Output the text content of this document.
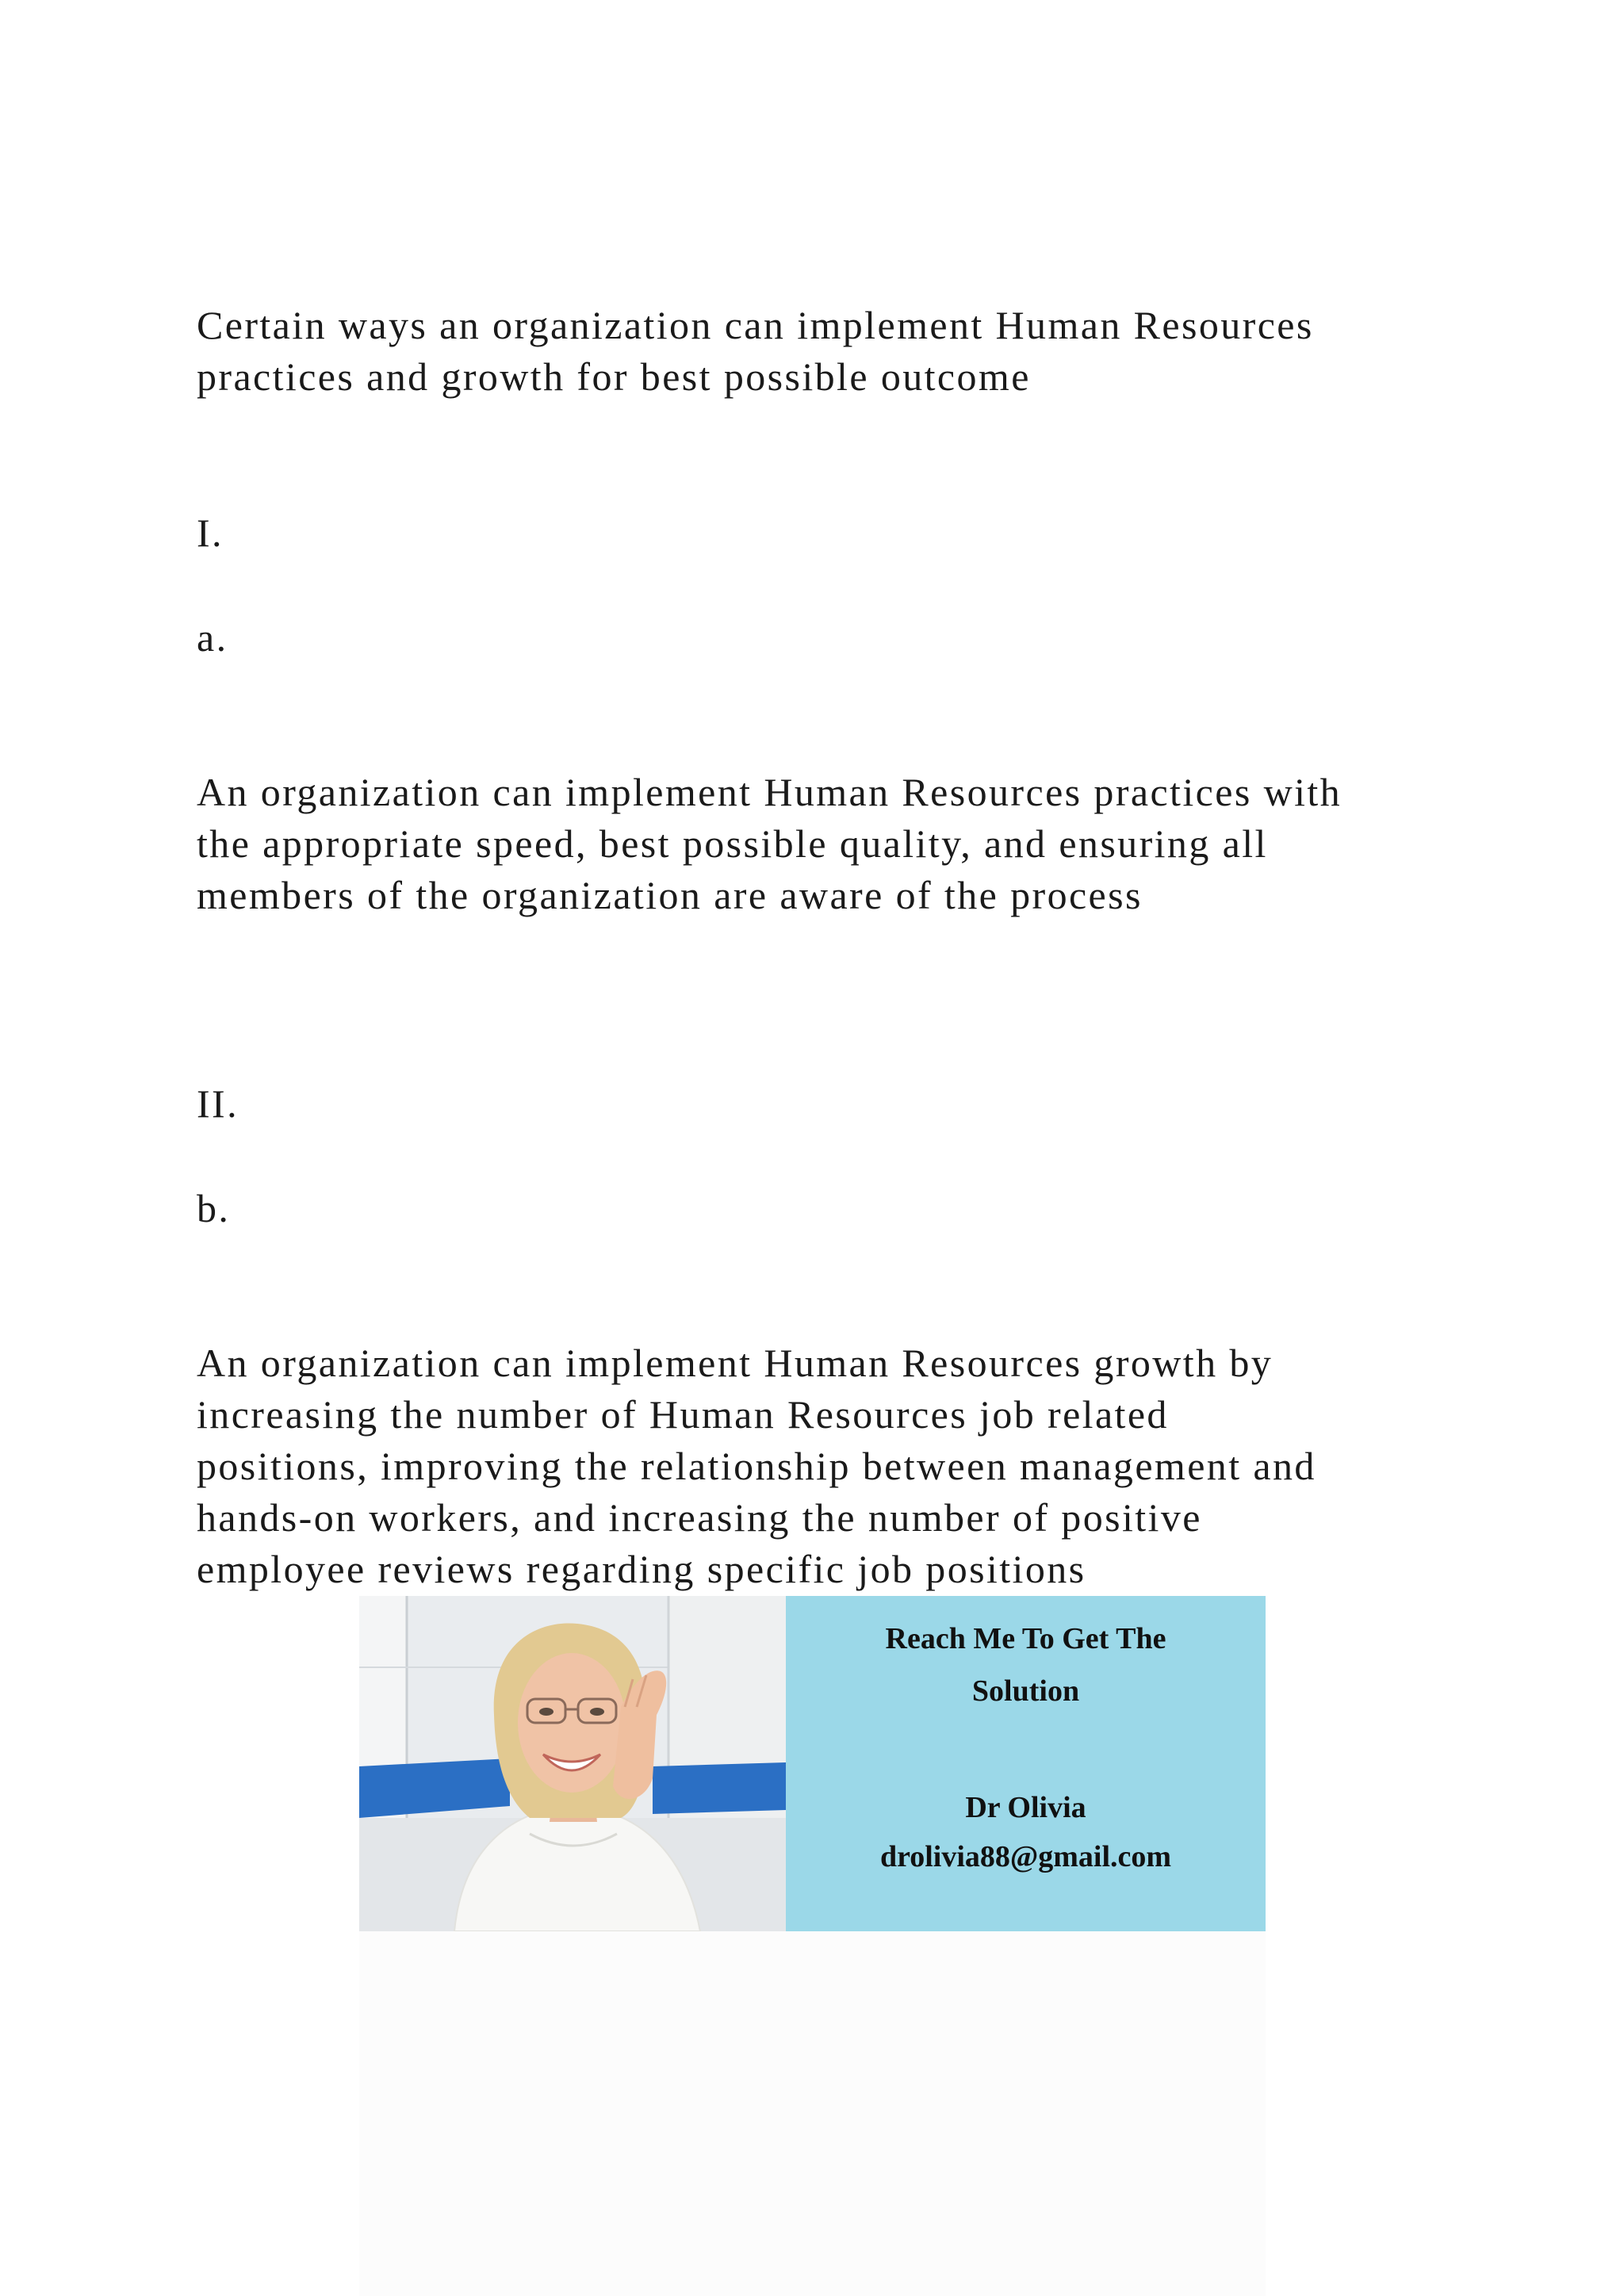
Certain ways an organization can implement Human Resources
practices and growth for best possible outcome
I.
a.
An organization can implement Human Resources practices with
the appropriate speed, best possible quality, and ensuring all
members of the organization are aware of the process
II.
b.
An organization can implement Human Resources growth by
increasing the number of Human Resources job related
positions, improving the relationship between management and
hands-on workers, and increasing the number of positive
employee reviews regarding specific job positions
Reach Me To Get The
Solution
Dr Olivia
drolivia88@gmail.com
